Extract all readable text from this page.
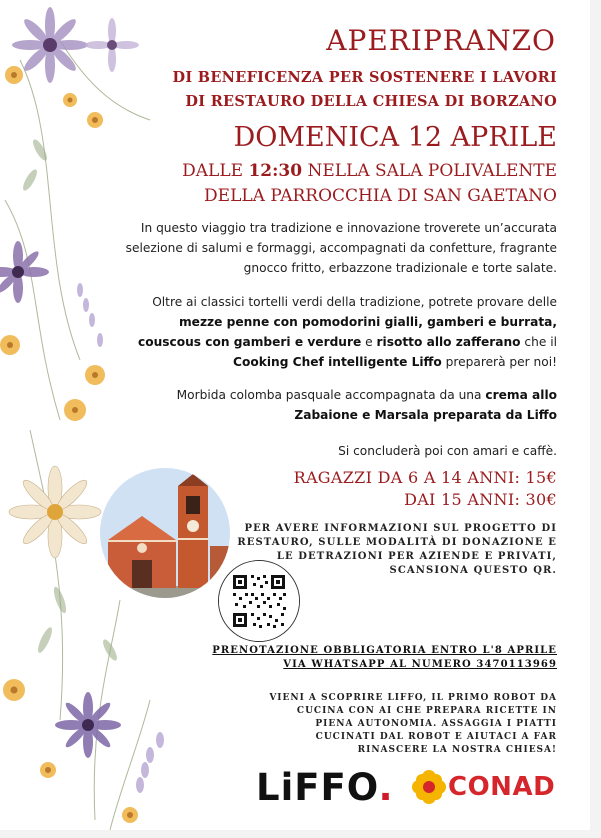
APERIPRANZO
DI BENEFICENZA PER SOSTENERE I LAVORI
DI RESTAURO DELLA CHIESA DI BORZANO
DOMENICA 12 APRILE
DALLE 12:30 NELLA SALA POLIVALENTE
DELLA PARROCCHIA DI SAN GAETANO
In questo viaggio tra tradizione e innovazione troverete un’accurata selezione di salumi e formaggi, accompagnati da confetture, fragrante gnocco fritto, erbazzone tradizionale e torte salate.
Oltre ai classici tortelli verdi della tradizione, potrete provare delle mezze penne con pomodorini gialli, gamberi e burrata, couscous con gamberi e verdure e risotto allo zafferano che il Cooking Chef intelligente Liffo preparerà per noi!
Morbida colomba pasquale accompagnata da una crema allo Zabaione e Marsala preparata da Liffo
Si concluderà poi con amari e caffè.
RAGAZZI DA 6 A 14 ANNI: 15€
DAI 15 ANNI: 30€
PER AVERE INFORMAZIONI SUL PROGETTO DI
RESTAURO, SULLE MODALITÀ DI DONAZIONE E
LE DETRAZIONI PER AZIENDE E PRIVATI,
SCANSIONA QUESTO QR.
PRENOTAZIONE OBBLIGATORIA ENTRO L'8 APRILE
VIA WHATSAPP AL NUMERO 3470113969
VIENI A SCOPRIRE LIFFO, IL PRIMO ROBOT DA
CUCINA CON AI CHE PREPARA RICETTE IN
PIENA AUTONOMIA. ASSAGGIA I PIATTI
CUCINATI DAL ROBOT E AIUTACI A FAR
RINASCERE LA NOSTRA CHIESA!
LiFFO. CONAD
